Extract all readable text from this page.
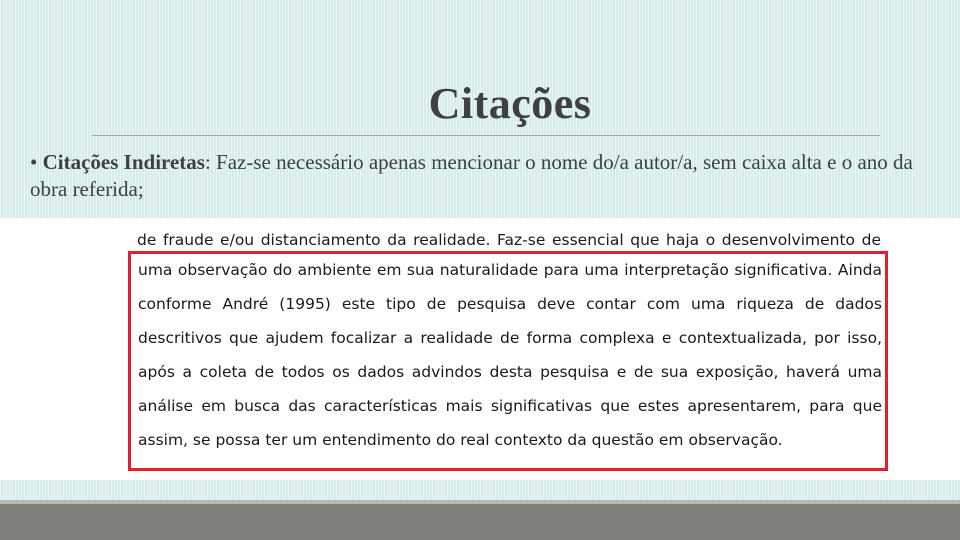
Citações
• Citações Indiretas: Faz-se necessário apenas mencionar o nome do/a autor/a, sem caixa alta e o ano da obra referida;
de fraude e/ou distanciamento da realidade. Faz-se essencial que haja o desenvolvimento de
uma observação do ambiente em sua naturalidade para uma interpretação significativa. Ainda
conforme André (1995) este tipo de pesquisa deve contar com uma riqueza de dados
descritivos que ajudem focalizar a realidade de forma complexa e contextualizada, por isso,
após a coleta de todos os dados advindos desta pesquisa e de sua exposição, haverá uma
análise em busca das características mais significativas que estes apresentarem, para que
assim, se possa ter um entendimento do real contexto da questão em observação.
